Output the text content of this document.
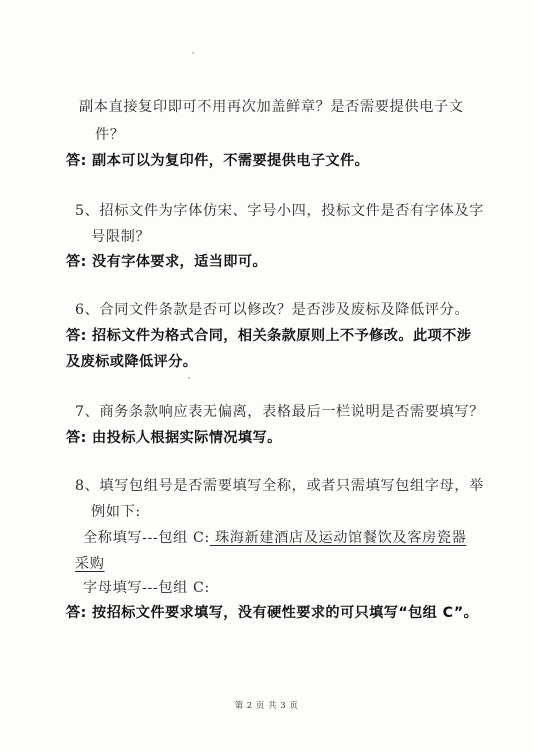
副本直接复印即可不用再次加盖鲜章？是否需要提供电子文
件？
答: 副本可以为复印件，不需要提供电子文件。
5、招标文件为字体仿宋、字号小四，投标文件是否有字体及字
号限制？
答: 没有字体要求，适当即可。
6、合同文件条款是否可以修改？是否涉及废标及降低评分。
答: 招标文件为格式合同，相关条款原则上不予修改。此项不涉
及废标或降低评分。
7、商务条款响应表无偏离，表格最后一栏说明是否需要填写？
答: 由投标人根据实际情况填写。
8、填写包组号是否需要填写全称，或者只需填写包组字母，举
例如下:
全称填写---包组 C: 珠海新建酒店及运动馆餐饮及客房瓷器
采购
字母填写---包组 C:
答: 按招标文件要求填写，没有硬性要求的可只填写“包组 C”。
第 2 页 共 3 页
